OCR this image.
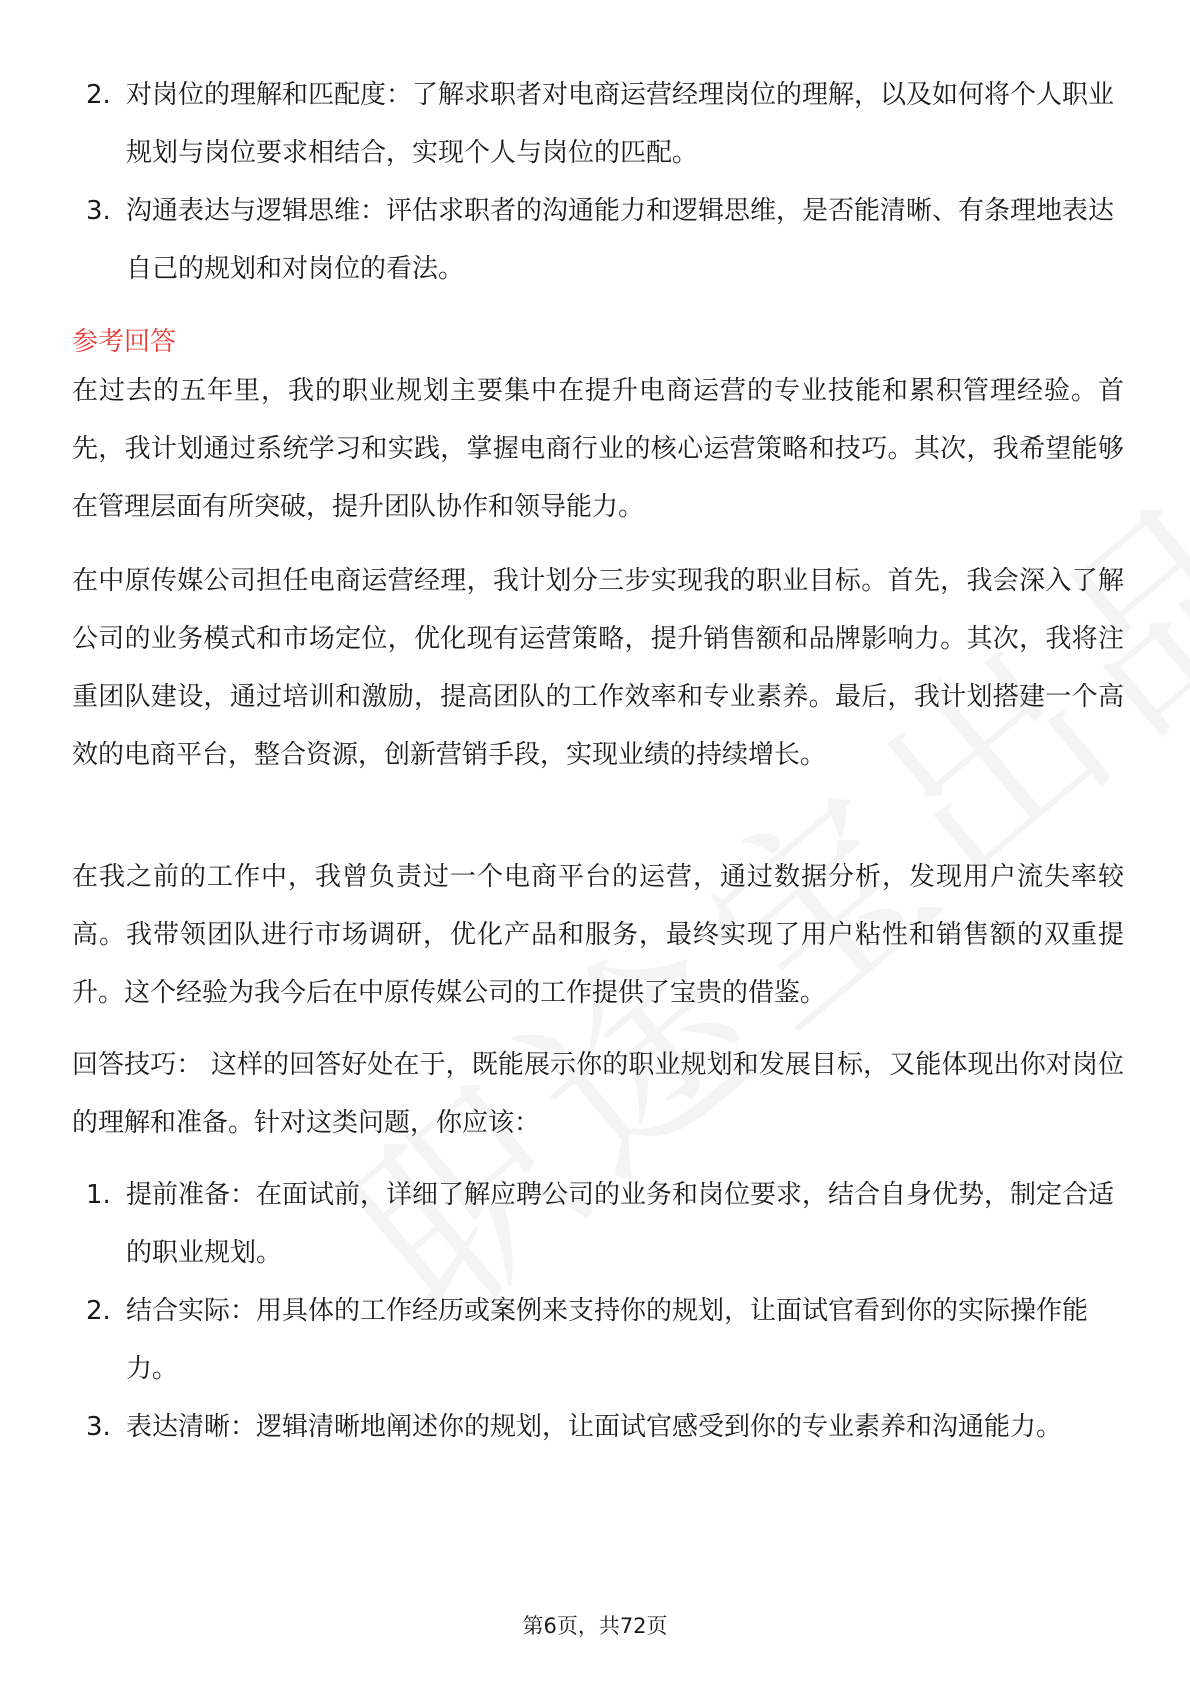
2. 对岗位的理解和匹配度：了解求职者对电商运营经理岗位的理解，以及如何将个人职业规划与岗位要求相结合，实现个人与岗位的匹配。
3. 沟通表达与逻辑思维：评估求职者的沟通能力和逻辑思维，是否能清晰、有条理地表达自己的规划和对岗位的看法。
参考回答

在过去的五年里，我的职业规划主要集中在提升电商运营的专业技能和累积管理经验。首先，我计划通过系统学习和实践，掌握电商行业的核心运营策略和技巧。其次，我希望能够在管理层面有所突破，提升团队协作和领导能力。

在中原传媒公司担任电商运营经理，我计划分三步实现我的职业目标。首先，我会深入了解公司的业务模式和市场定位，优化现有运营策略，提升销售额和品牌影响力。其次，我将注重团队建设，通过培训和激励，提高团队的工作效率和专业素养。最后，我计划搭建一个高效的电商平台，整合资源，创新营销手段，实现业绩的持续增长。

在我之前的工作中，我曾负责过一个电商平台的运营，通过数据分析，发现用户流失率较高。我带领团队进行市场调研，优化产品和服务，最终实现了用户粘性和销售额的双重提升。这个经验为我今后在中原传媒公司的工作提供了宝贵的借鉴。

回答技巧： 这样的回答好处在于，既能展示你的职业规划和发展目标，又能体现出你对岗位的理解和准备。针对这类问题，你应该：

1. 提前准备：在面试前，详细了解应聘公司的业务和岗位要求，结合自身优势，制定合适的职业规划。
2. 结合实际：用具体的工作经历或案例来支持你的规划，让面试官看到你的实际操作能力。
3. 表达清晰：逻辑清晰地阐述你的规划，让面试官感受到你的专业素养和沟通能力。
第6页，共72页
